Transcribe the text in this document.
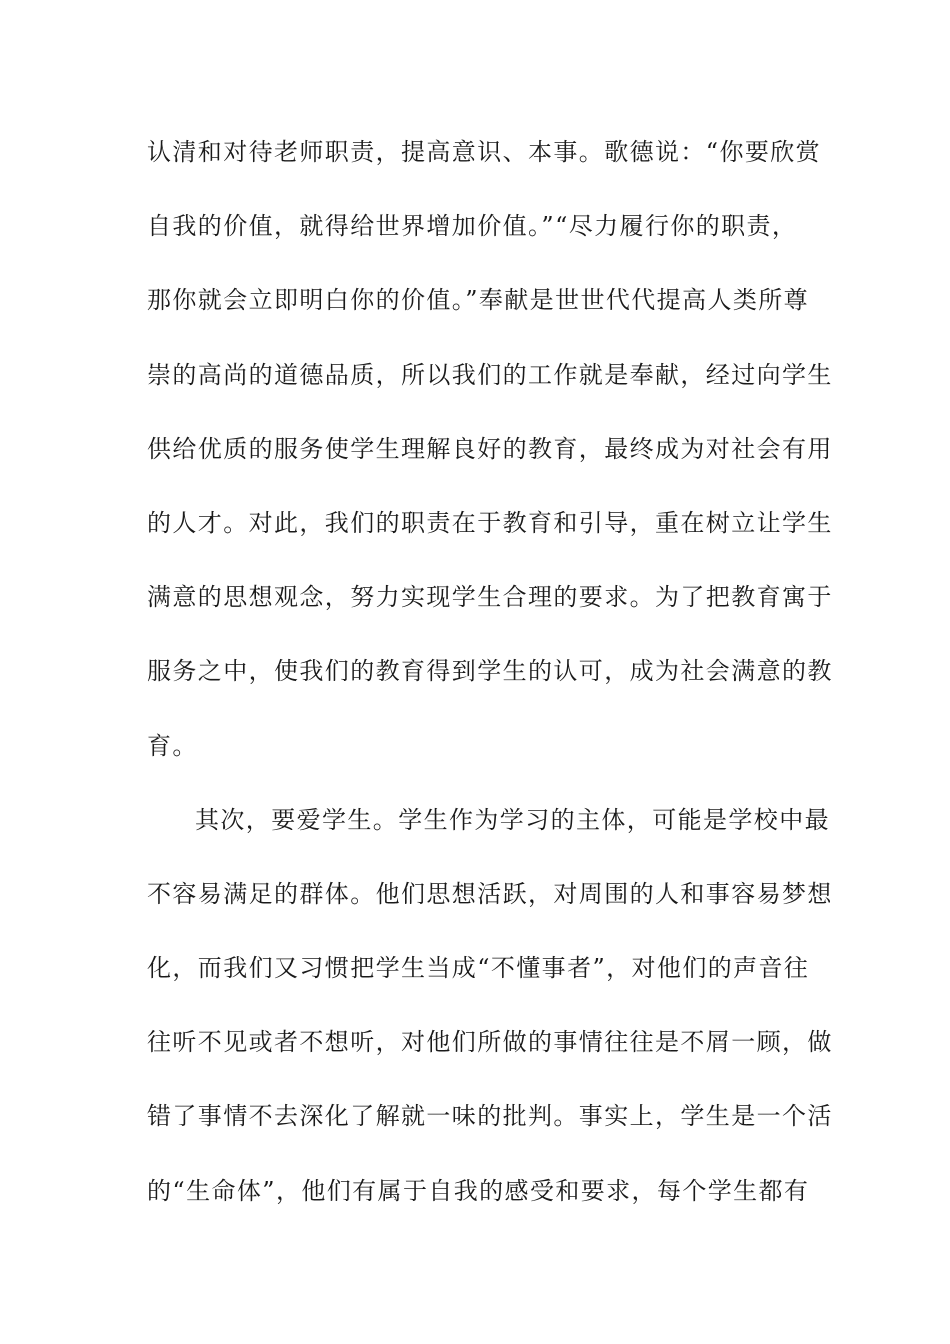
认清和对待老师职责，提高意识、本事。歌德说：“你要欣赏
自我的价值，就得给世界增加价值。”“尽力履行你的职责，
那你就会立即明白你的价值。”奉献是世世代代提高人类所尊
崇的高尚的道德品质，所以我们的工作就是奉献，经过向学生
供给优质的服务使学生理解良好的教育，最终成为对社会有用
的人才。对此，我们的职责在于教育和引导，重在树立让学生
满意的思想观念，努力实现学生合理的要求。为了把教育寓于
服务之中，使我们的教育得到学生的认可，成为社会满意的教
育。
其次，要爱学生。学生作为学习的主体，可能是学校中最
不容易满足的群体。他们思想活跃，对周围的人和事容易梦想
化，而我们又习惯把学生当成“不懂事者”，对他们的声音往
往听不见或者不想听，对他们所做的事情往往是不屑一顾，做
错了事情不去深化了解就一味的批判。事实上，学生是一个活
的“生命体”，他们有属于自我的感受和要求，每个学生都有
